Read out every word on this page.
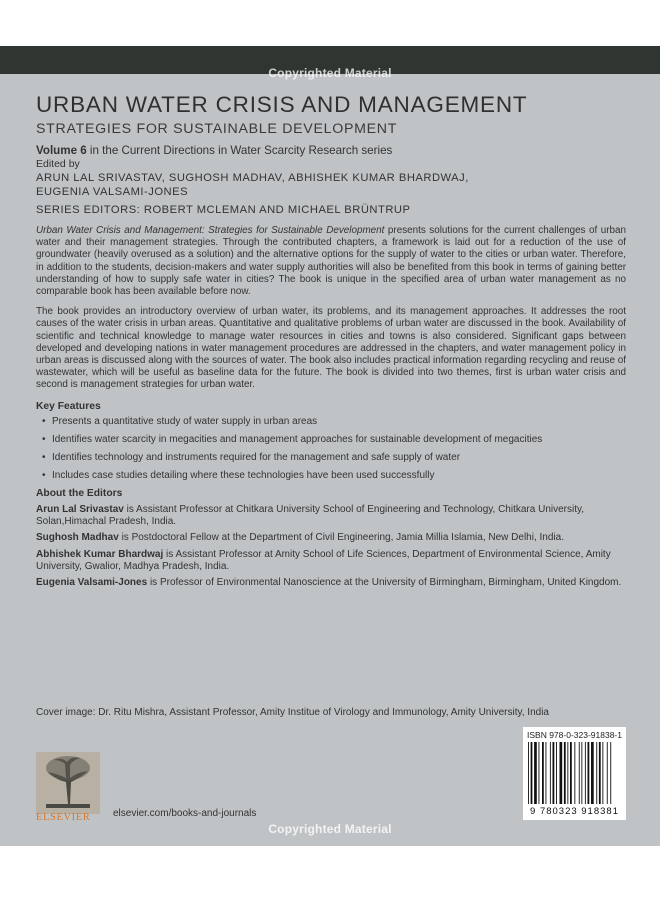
Copyrighted Material
URBAN WATER CRISIS AND MANAGEMENT
STRATEGIES FOR SUSTAINABLE DEVELOPMENT
Volume 6 in the Current Directions in Water Scarcity Research series
Edited by
ARUN LAL SRIVASTAV, SUGHOSH MADHAV, ABHISHEK KUMAR BHARDWAJ,
EUGENIA VALSAMI-JONES
SERIES EDITORS: ROBERT MCLEMAN AND MICHAEL BRÜNTRUP
Urban Water Crisis and Management: Strategies for Sustainable Development presents solutions for the current challenges of urban water and their management strategies. Through the contributed chapters, a framework is laid out for a reduction of the use of groundwater (heavily overused as a solution) and the alternative options for the supply of water to the cities or urban water. Therefore, in addition to the students, decision-makers and water supply authorities will also be benefited from this book in terms of gaining better understanding of how to supply safe water in cities? The book is unique in the specified area of urban water management as no comparable book has been available before now.
The book provides an introductory overview of urban water, its problems, and its management approaches. It addresses the root causes of the water crisis in urban areas. Quantitative and qualitative problems of urban water are discussed in the book. Availability of scientific and technical knowledge to manage water resources in cities and towns is also considered. Significant gaps between developed and developing nations in water management procedures are addressed in the chapters, and water management policy in urban areas is discussed along with the sources of water. The book also includes practical information regarding recycling and reuse of wastewater, which will be useful as baseline data for the future. The book is divided into two themes, first is urban water crisis and second is management strategies for urban water.
Key Features
• Presents a quantitative study of water supply in urban areas
• Identifies water scarcity in megacities and management approaches for sustainable development of megacities
• Identifies technology and instruments required for the management and safe supply of water
• Includes case studies detailing where these technologies have been used successfully
About the Editors
Arun Lal Srivastav is Assistant Professor at Chitkara University School of Engineering and Technology, Chitkara University, Solan,Himachal Pradesh, India.
Sughosh Madhav is Postdoctoral Fellow at the Department of Civil Engineering, Jamia Millia Islamia, New Delhi, India.
Abhishek Kumar Bhardwaj is Assistant Professor at Amity School of Life Sciences, Department of Environmental Science, Amity University, Gwalior, Madhya Pradesh, India.
Eugenia Valsami-Jones is Professor of Environmental Nanoscience at the University of Birmingham, Birmingham, United Kingdom.
Cover image: Dr. Ritu Mishra, Assistant Professor, Amity Institue of Virology and Immunology, Amity University, India
ISBN 978-0-323-91838-1
9 780323 918381
ELSEVIER elsevier.com/books-and-journals
Copyrighted Material
